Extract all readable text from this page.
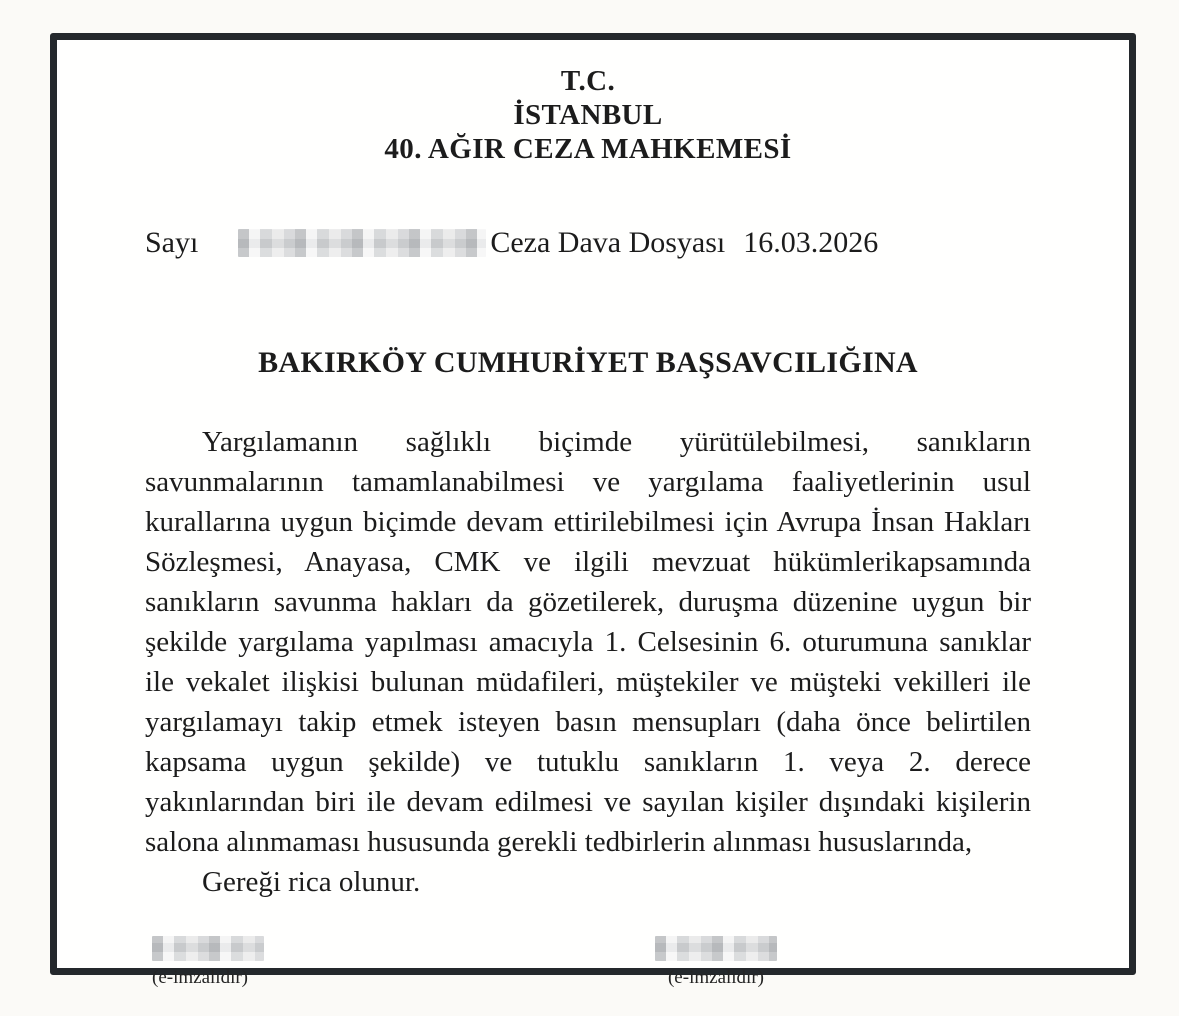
T.C.
İSTANBUL
40. AĞIR CEZA MAHKEMESİ
Sayı	Ceza Dava Dosyası 16.03.2026
BAKIRKÖY CUMHURİYET BAŞSAVCILIĞINA

Yargılamanın sağlıklı biçimde yürütülebilmesi, sanıkların savunmalarının tamamlanabilmesi ve yargılama faaliyetlerinin usul kurallarına uygun biçimde devam ettirilebilmesi için Avrupa İnsan Hakları Sözleşmesi, Anayasa, CMK ve ilgili mevzuat hükümlerikapsamında sanıkların savunma hakları da gözetilerek, duruşma düzenine uygun bir şekilde yargılama yapılması amacıyla 1. Celsesinin 6. oturumuna sanıklar ile vekalet ilişkisi bulunan müdafileri, müştekiler ve müşteki vekilleri ile yargılamayı takip etmek isteyen basın mensupları (daha önce belirtilen kapsama uygun şekilde) ve tutuklu sanıkların 1. veya 2. derece yakınlarından biri ile devam edilmesi ve sayılan kişiler dışındaki kişilerin salona alınmaması hususunda gerekli tedbirlerin alınması hususlarında,

Gereği rica olunur.

(e-imzalıdır)	(e-imzalıdır)
